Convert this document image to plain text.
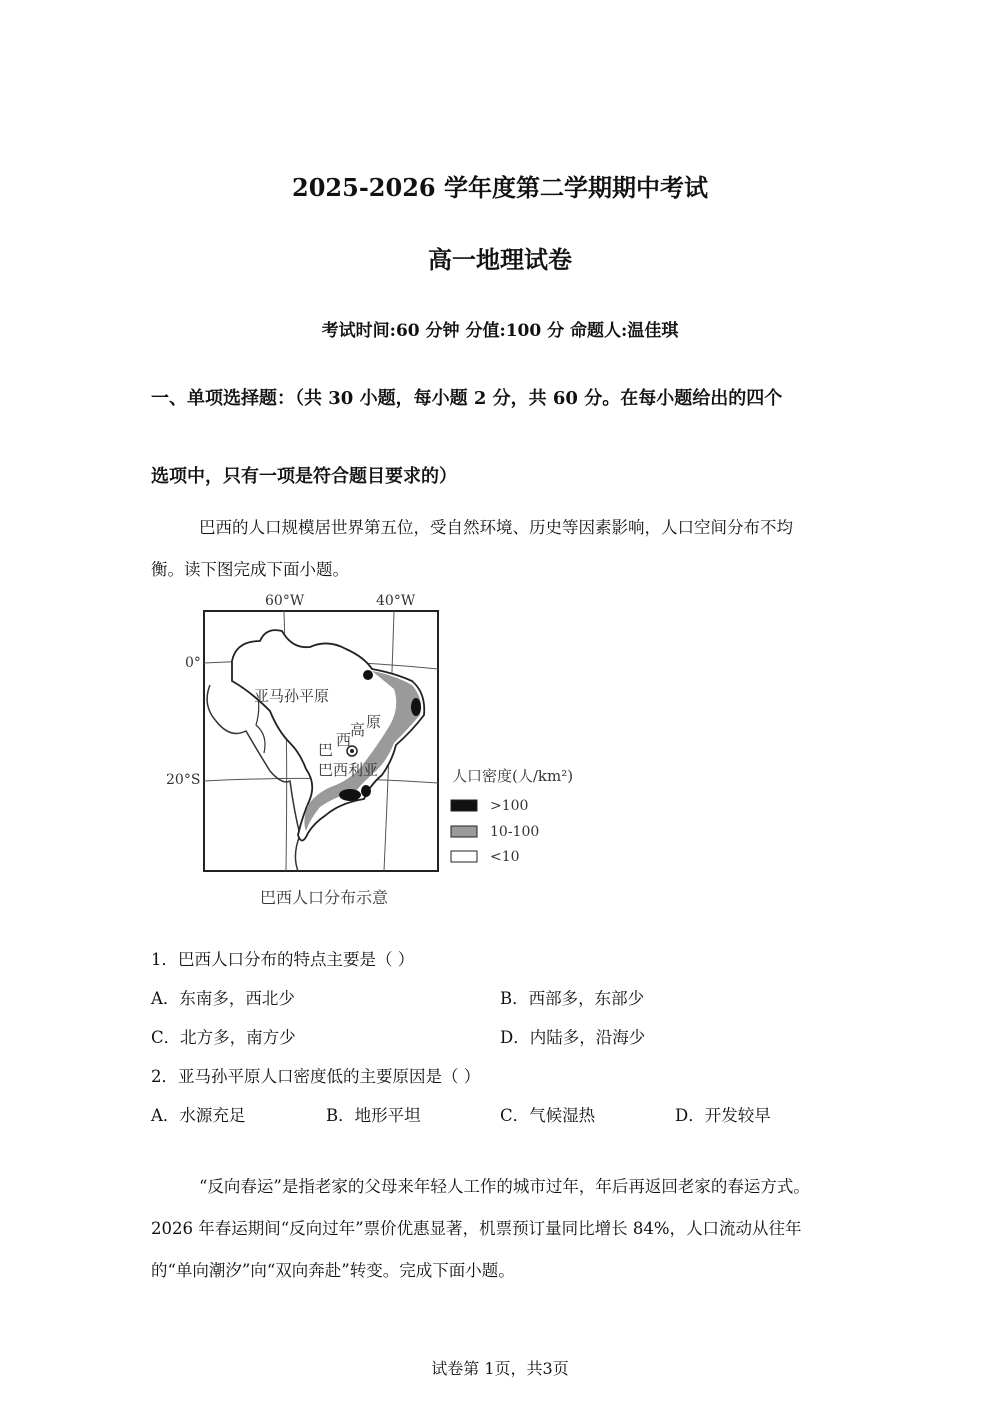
2025-2026 学年度第二学期期中考试
高一地理试卷
考试时间:60 分钟 分值:100 分 命题人:温佳琪
一、单项选择题：（共 30 小题，每小题 2 分，共 60 分。在每小题给出的四个
选项中，只有一项是符合题目要求的）
巴西的人口规模居世界第五位，受自然环境、历史等因素影响，人口空间分布不均
衡。读下图完成下面小题。
60°W	40°W
0°
20°S
亚马孙平原
高 原
巴
西
巴西利亚	人口密度(人/km²)
>100
10-100
<10
巴西人口分布示意
1．巴西人口分布的特点主要是（ ）
A．东南多，西北少	B．西部多，东部少
C．北方多，南方少	D．内陆多，沿海少
2．亚马孙平原人口密度低的主要原因是（ ）
A．水源充足	B．地形平坦	C．气候湿热	D．开发较早
“反向春运”是指老家的父母来年轻人工作的城市过年，年后再返回老家的春运方式。
2026 年春运期间“反向过年”票价优惠显著，机票预订量同比增长 84%，人口流动从往年
的“单向潮汐”向“双向奔赴”转变。完成下面小题。
试卷第 1页，共3页
